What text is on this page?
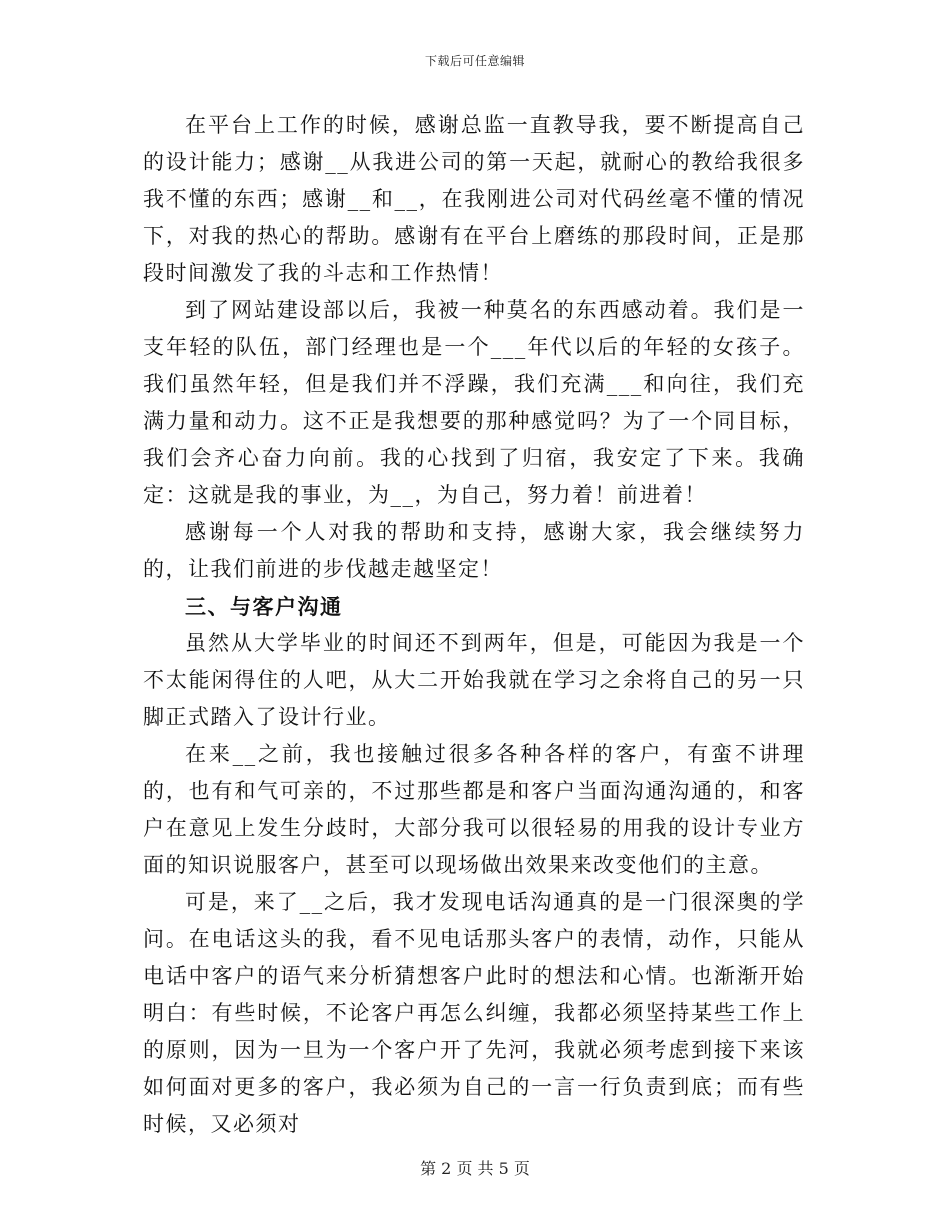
下载后可任意编辑

在平台上工作的时候，感谢总监一直教导我，要不断提高自己的设计能力；感谢__从我进公司的第一天起，就耐心的教给我很多我不懂的东西；感谢__和__，在我刚进公司对代码丝毫不懂的情况下，对我的热心的帮助。感谢有在平台上磨练的那段时间，正是那段时间激发了我的斗志和工作热情！

到了网站建设部以后，我被一种莫名的东西感动着。我们是一支年轻的队伍，部门经理也是一个___年代以后的年轻的女孩子。我们虽然年轻，但是我们并不浮躁，我们充满___和向往，我们充满力量和动力。这不正是我想要的那种感觉吗？为了一个同目标，我们会齐心奋力向前。我的心找到了归宿，我安定了下来。我确定：这就是我的事业，为__，为自己，努力着！前进着！

感谢每一个人对我的帮助和支持，感谢大家，我会继续努力的，让我们前进的步伐越走越坚定！

三、与客户沟通

虽然从大学毕业的时间还不到两年，但是，可能因为我是一个不太能闲得住的人吧，从大二开始我就在学习之余将自己的另一只脚正式踏入了设计行业。

在来__之前，我也接触过很多各种各样的客户，有蛮不讲理的，也有和气可亲的，不过那些都是和客户当面沟通沟通的，和客户在意见上发生分歧时，大部分我可以很轻易的用我的设计专业方面的知识说服客户，甚至可以现场做出效果来改变他们的主意。

可是，来了__之后，我才发现电话沟通真的是一门很深奥的学问。在电话这头的我，看不见电话那头客户的表情，动作，只能从电话中客户的语气来分析猜想客户此时的想法和心情。也渐渐开始明白：有些时候，不论客户再怎么纠缠，我都必须坚持某些工作上的原则，因为一旦为一个客户开了先河，我就必须考虑到接下来该如何面对更多的客户，我必须为自己的一言一行负责到底；而有些时候，又必须对

第 2 页 共 5 页
